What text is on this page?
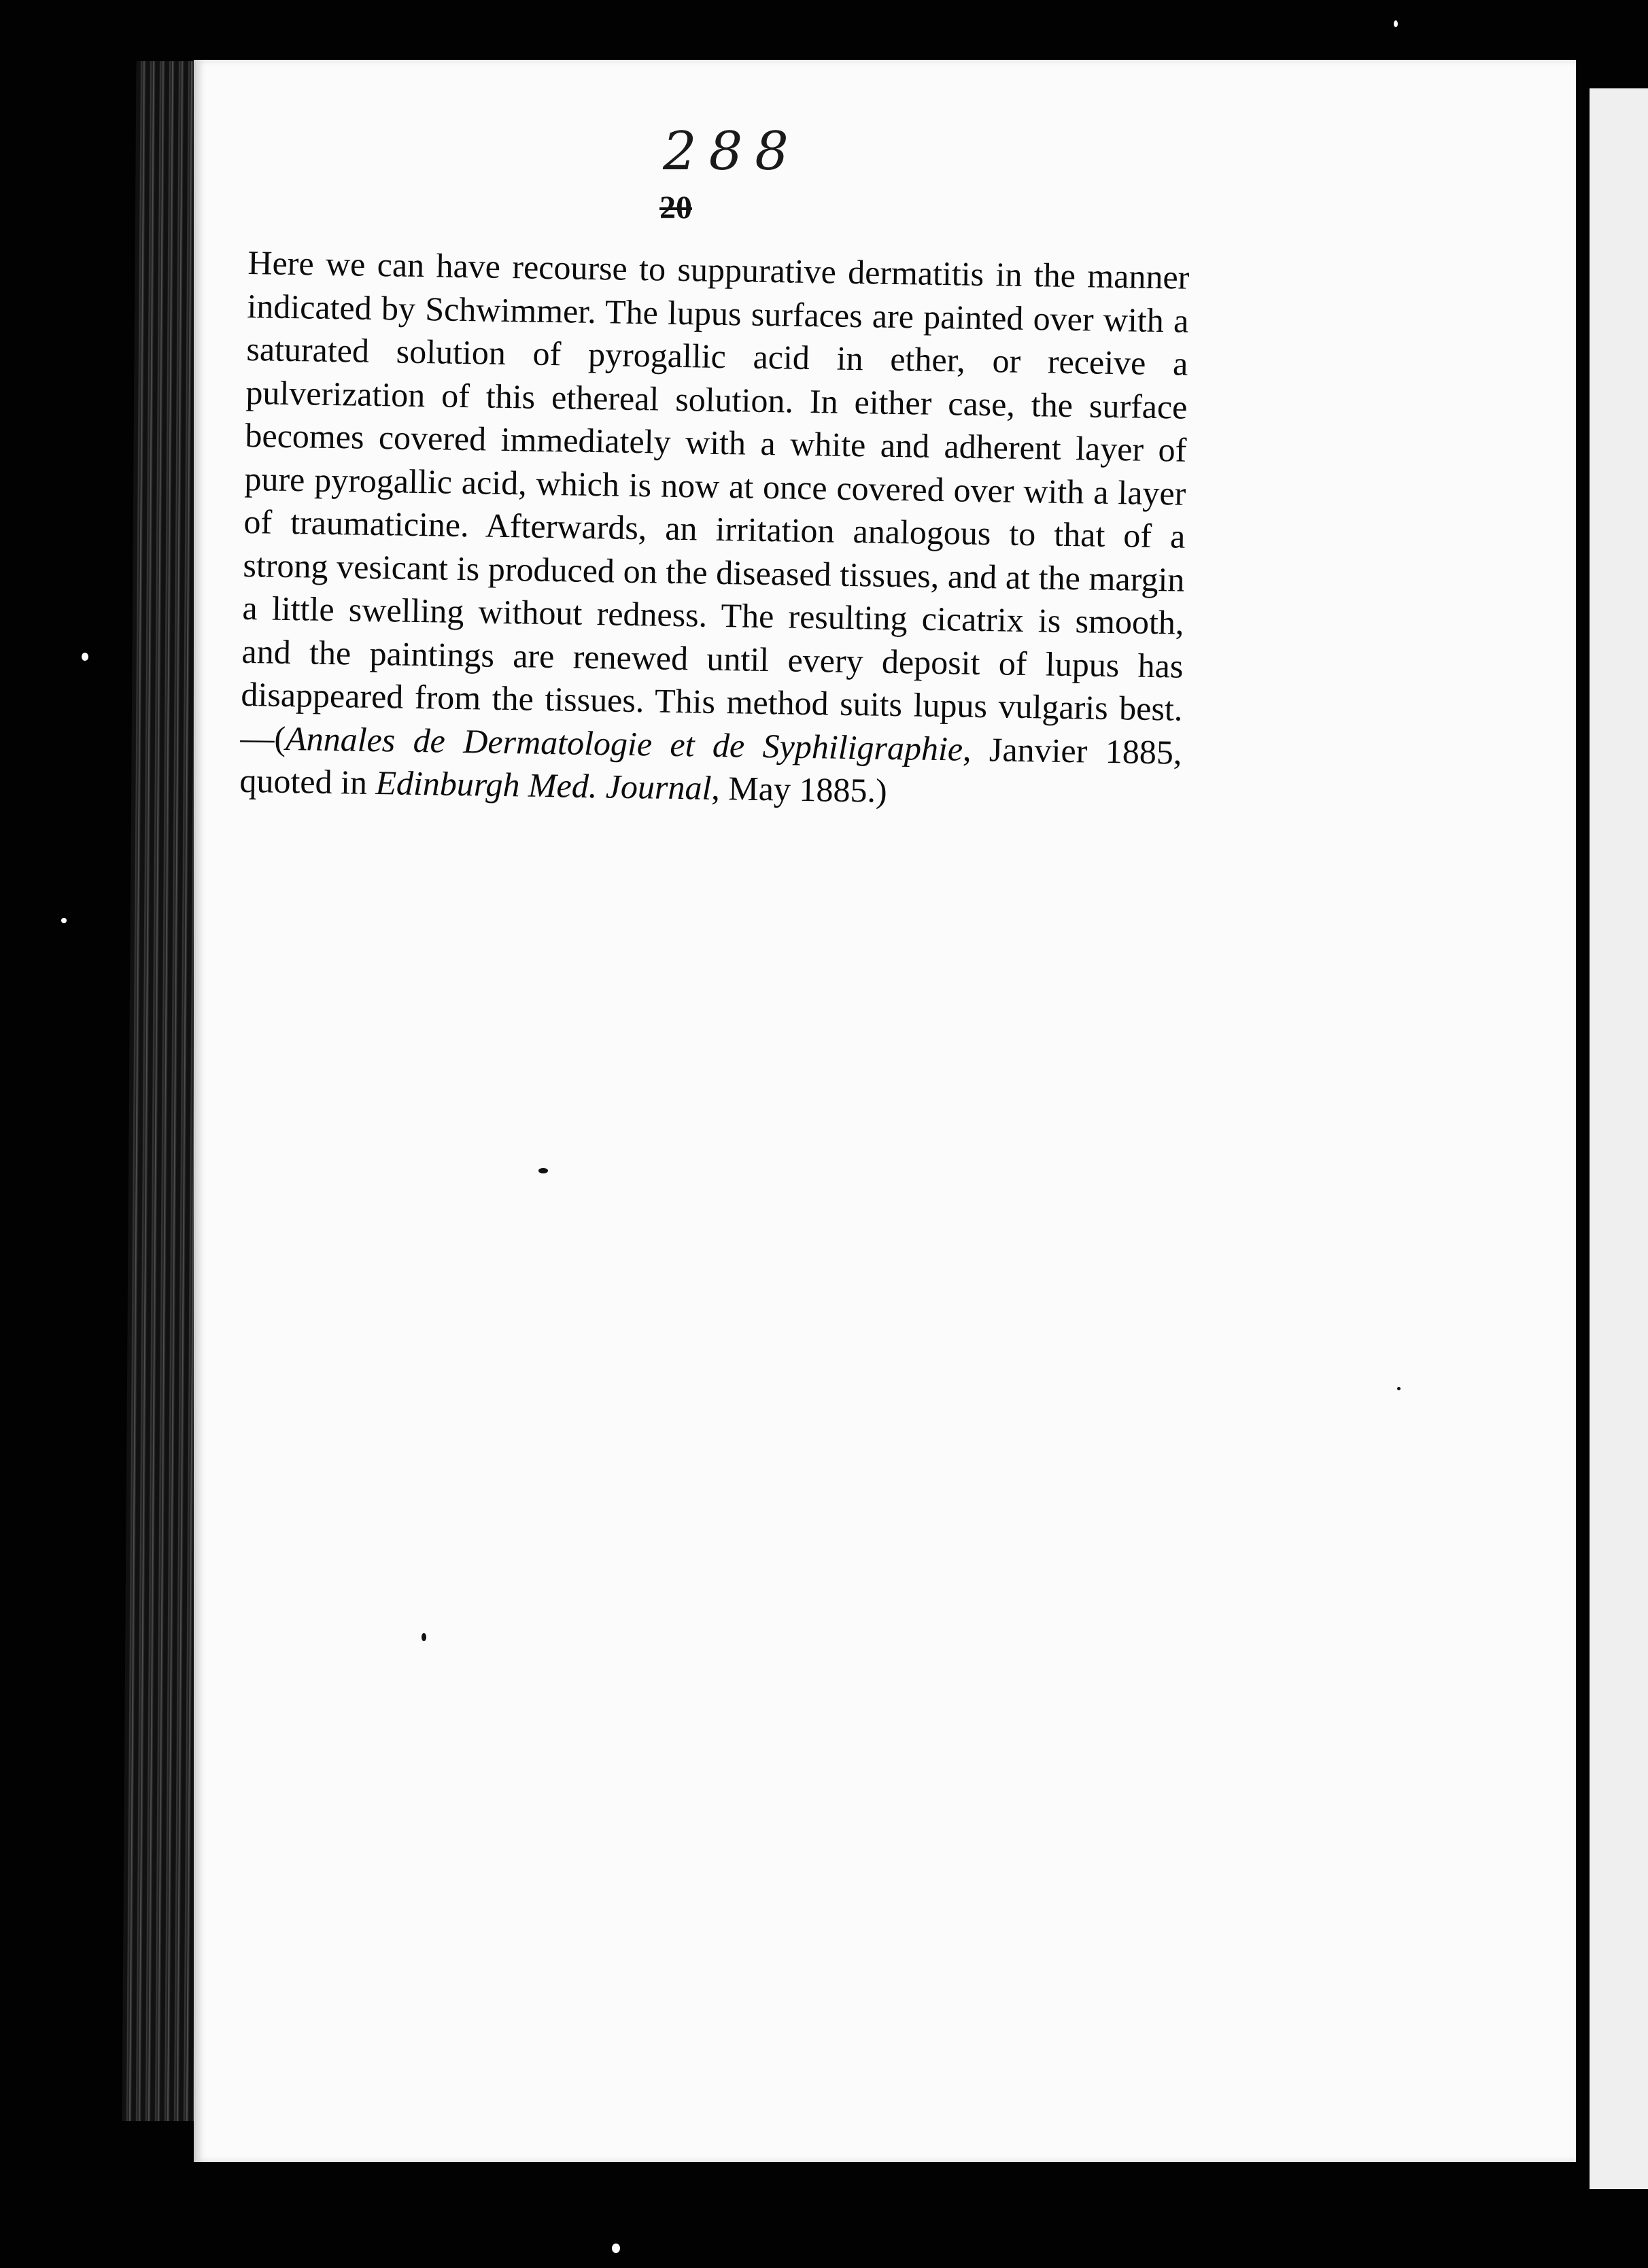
288
20
Here we can have recourse to suppurative dermatitis in the manner indicated by Schwimmer. The lupus surfaces are painted over with a saturated solution of pyrogallic acid in ether, or receive a pulverization of this ethereal solution. In either case, the surface becomes covered immediately with a white and adherent layer of pure pyrogallic acid, which is now at once covered over with a layer of traumaticine. Afterwards, an irritation analogous to that of a strong vesicant is produced on the diseased tissues, and at the margin a little swelling without redness. The resulting cicatrix is smooth, and the paintings are renewed until every deposit of lupus has disappeared from the tissues. This method suits lupus vulgaris best.—(Annales de Dermatologie et de Syphiligraphie, Janvier 1885, quoted in Edinburgh Med. Journal, May 1885.)
